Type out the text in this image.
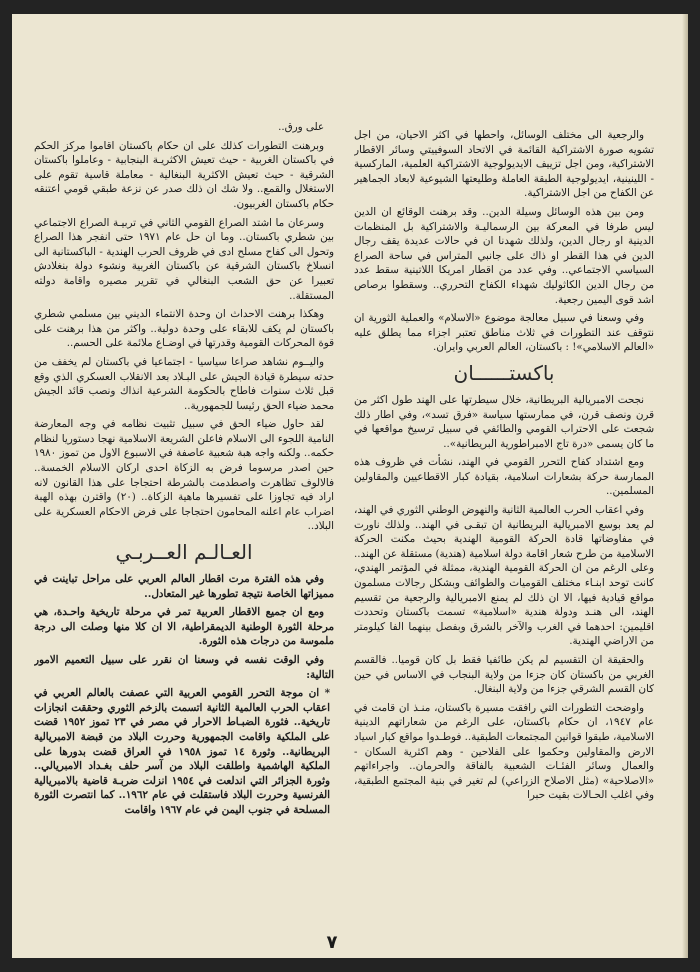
والرجعية الى مختلف الوسائل، واحطها في اكثر الاحيان، من اجل تشويه صورة الاشتراكية القائمة في الاتحاد السوفييتي وسائر الاقطار الاشتراكية، ومن اجل تزييف الايديولوجية الاشتراكية العلمية، الماركسية - اللينينية، ايديولوجية الطبقة العاملة وطليعتها الشيوعية لابعاد الجماهير عن الكفاح من اجل الاشتراكية.

ومن بين هذه الوسائل وسيلة الدين.. وقد برهنت الوقائع ان الدين ليس طرفا في المعركة بين الرسماليـة والاشتراكية بل المنظمات الدينية او رجال الدين، ولذلك شهدنا ان في حالات عديدة يقف رجال الدين في هذا القطر او ذاك على جانبي المتراس في ساحة الصراع السياسي الاجتماعي.. وفي عدد من اقطار امريكا اللاتينية سقط عدد من رجال الدين الكاثوليك شهداء الكفاح التحرري.. وسقطوا برصاص اشد قوى اليمين رجعية.

وفي وسعنا في سبيل معالجة موضوع «الاسلام» والعملية الثورية ان نتوقف عند التطورات في ثلاث مناطق تعتبر اجزاء مما يطلق عليه «العالم الاسلامي»! : باكستان، العالم العربي وايران.

باكستــــــان

نجحت الامبريالية البريطانية، خلال سيطرتها على الهند طول اكثر من قرن ونصف قرن، في ممارستها سياسة «فرق تسد»، وفي اطار ذلك شجعت على الاحتراب القومي والطائفي في سبيل ترسيخ مواقعها في ما كان يسمى «درة تاج الامبراطورية البريطانية»..

ومع اشتداد كفاح التحرر القومي في الهند، نشأت في ظروف هذه الممارسة حركة بشعارات اسلامية، بقيادة كبار الاقطاعيين والمقاولين المسلمين..

وفي اعقاب الحرب العالمية الثانية والنهوض الوطني الثوري في الهند، لم يعد بوسع الامبريالية البريطانية ان تبقـى في الهند.. ولذلك ناورت في مفاوضاتها قادة الحركة القومية الهندية بحيث مكنت الحركة الاسلامية من طرح شعار اقامة دولة اسلامية (هندية) مستقلة عن الهند.. وعلى الرغم من ان الحركة القومية الهندية، ممثلة في المؤتمر الهندي، كانت توحد ابنـاء مختلف القوميات والطوائف وبشكل رجالات مسلمون مواقع قيادية فيها، الا ان ذلك لم يمنع الامبريالية والرجعية من تقسيم الهند، الى هنـد ودولة هندية «اسلامية» تسمت باكستان وتحددت اقليمين: احدهما في الغرب والآخر بالشرق وبفصل بينهما الفا كيلومتر من الاراضي الهندية.

والحقيقة ان التقسيم لم يكن طائفيا فقط بل كان قوميا.. فالقسم الغربي من باكستان كان جزءا من ولاية البنجاب في الاساس في حين كان القسم الشرقي جزءا من ولاية البنغال.

واوضحت التطورات التي رافقت مسيرة باكستان، منـذ ان قامت في عام ١٩٤٧، ان حكام باكستان، على الرغم من شعاراتهم الدينية الاسلامية، طبقوا قوانين المجتمعات الطبقية.. فوطـدوا مواقع كبار اسياد الارض والمقاولين وحكموا على الفلاحين - وهم اكثرية السكان - والعمال وسائر الفئـات الشعبية بالفاقة والحرمان.. واجراءاتهم «الاصلاحية» (مثل الاصلاح الزراعي) لم تغير في بنية المجتمع الطبقية، وفي اغلب الحـالات بقيت حبرا

على ورق..

وبرهنت التطورات كذلك على ان حكام باكستان اقاموا مركز الحكم في باكستان الغربية - حيث تعيش الاكثريـة البنجابية - وعاملوا باكستان الشرقية - حيث تعيش الاكثرية البنغالية - معاملة قاسية تقوم على الاستغلال والقمع.. ولا شك ان ذلك صدر عن نزعة طبقي قومي اعتنقه حكام باكستان الغربيون.

وسرعان ما اشتد الصراع القومي الثاني في تربيـة الصراع الاجتماعي بين شطري باكستان.. وما ان حل عام ١٩٧١ حتى انفجر هذا الصراع وتحول الى كفاح مسلح ادى في ظروف الحرب الهندية - الباكستانية الى انسلاخ باكستان الشرقية عن باكستان الغربية ونشوء دولة بنغلادش تعبيرا عن حق الشعب البنغالي في تقرير مصيره واقامة دولته المستقلة..

وهكذا برهنت الاحداث ان وحدة الانتماء الديني بين مسلمي شطري باكستان لم يكف للابقاء على وحدة دولية.. واكثر من هذا برهنت على قوة المحركات القومية وقدرتها في اوضـاع ملائمة على الحسم..

واليــوم نشاهد صراعا سياسيا - اجتماعيا في باكستان لم يخفف من حدته سيطرة قيادة الجيش على البـلاد بعد الانقلاب العسكري الذي وقع قبل ثلاث سنوات فاطاح بالحكومة الشرعية انذاك ونصب قائد الجيش محمد ضياء الحق رئيسا للجمهورية..

لقد حاول ضياء الحق في سبيل تثبيت نظامه في وجه المعارضة النامية اللجوء الى الاسلام فاعلن الشريعة الاسلامية نهجا دستوريا لنظام حكمه.. ولكنه واجه هبة شعبية عاصفة في الاسبوع الاول من تموز ١٩٨٠ حين اصدر مرسوما فرض به الزكاة احدى اركان الاسلام الخمسة.. فالالوف تظاهرت واصطدمت بالشرطة احتجاجا على هذا القانون لانه اراد فيه تجاوزا على تفسيرها ماهية الزكاة.. (٢٠) واقترن بهذه الهبة اضراب عام اعلنه المحامون احتجاجا على فرض الاحكام العسكرية على البلاد..

العـالـم العــربـي

وفي هذه الفترة مرت اقطار العالم العربي على مراحل تباينت في مميزاتها الخاصة نتيجة تطورها غير المتعادل..

ومع ان جميع الاقطار العربية تمر في مرحلة تاريخية واحـدة، هي مرحلة الثورة الوطنية الديمقراطية، الا ان كلا منها وصلت الى درجة ملموسة من درجات هذه الثورة.

وفي الوقت نفسه في وسعنا ان نقرر على سبيل التعميم الامور التالية:

* ان موجة التحرر القومي العربية التي عصفت بالعالم العربي في اعقاب الحرب العالمية الثانية اتسمت بالزخم الثوري وحققت انجازات تاريخية.. فثورة الضبـاط الاحرار في مصر في ٢٣ تموز ١٩٥٢ قضت على الملكية واقامت الجمهورية وحررت البلاد من قبضة الامبريالية البريطانية.. وثورة ١٤ تموز ١٩٥٨ في العراق قضت بدورها على الملكية الهاشمية واطلقت البلاد من آسر حلف بغـداد الامبريالي.. وثورة الجزائر التي اندلعت في ١٩٥٤ انزلت ضربـة قاضية بالامبريالية الفرنسية وحررت البلاد فاستقلت في عام ١٩٦٢.. كما انتصرت الثورة المسلحة في جنوب اليمن في عام ١٩٦٧ واقامت
٧
